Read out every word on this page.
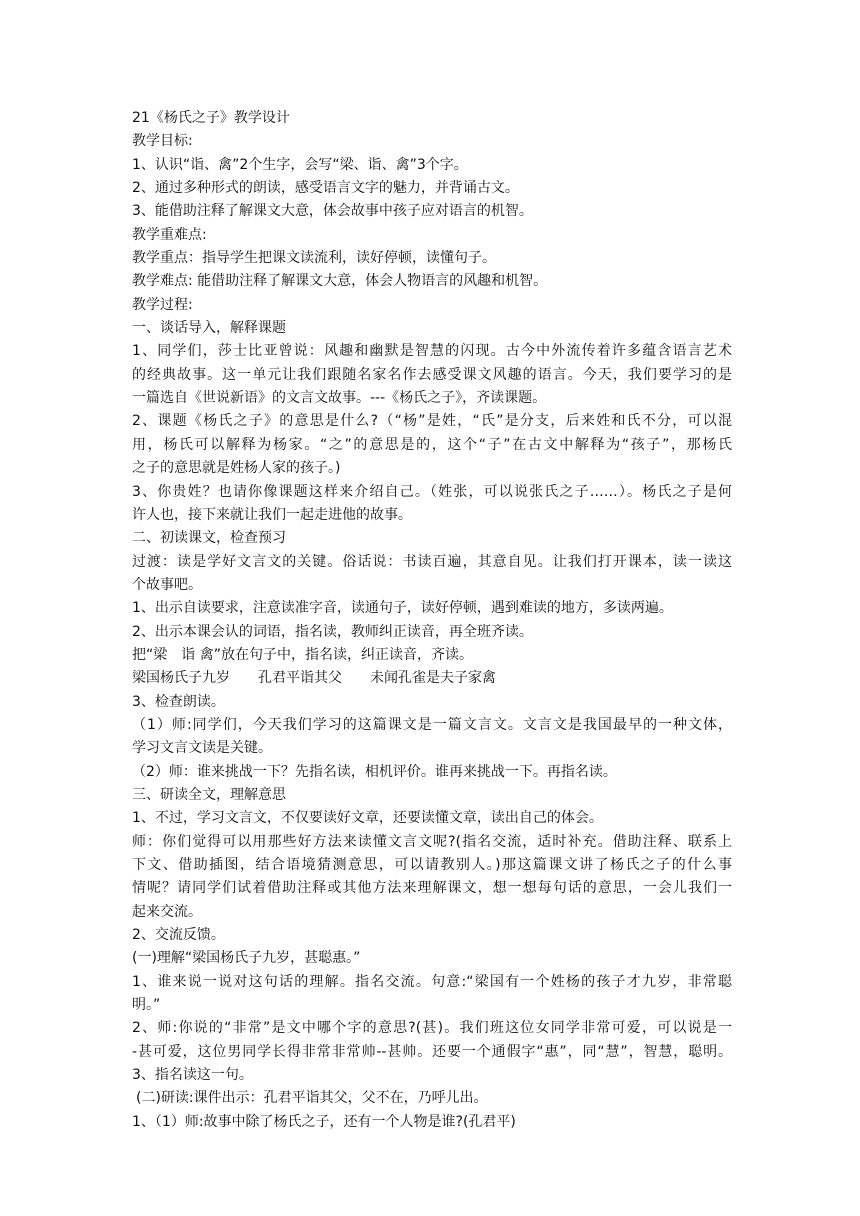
21《杨氏之子》教学设计
教学目标:
1、认识“诣、禽”2个生字，会写“梁、诣、禽”3个字。
2、通过多种形式的朗读，感受语言文字的魅力，并背诵古文。
3、能借助注释了解课文大意，体会故事中孩子应对语言的机智。
教学重难点:
教学重点：指导学生把课文读流利，读好停顿，读懂句子。
教学难点: 能借助注释了解课文大意，体会人物语言的风趣和机智。
教学过程:
一、谈话导入，解释课题
1、同学们，莎士比亚曾说：风趣和幽默是智慧的闪现。古今中外流传着许多蕴含语言艺术
的经典故事。这一单元让我们跟随名家名作去感受课文风趣的语言。今天，我们要学习的是
一篇选自《世说新语》的文言文故事。---《杨氏之子》，齐读课题。
2、课题《杨氏之子》的意思是什么?（“杨”是姓，“氏”是分支，后来姓和氏不分，可以混
用，杨氏可以解释为杨家。“之”的意思是的，这个“子”在古文中解释为“孩子”，那杨氏
之子的意思就是姓杨人家的孩子。)
3、你贵姓？也请你像课题这样来介绍自己。（姓张，可以说张氏之子……）。杨氏之子是何
许人也，接下来就让我们一起走进他的故事。
二、初读课文，检查预习
过渡：读是学好文言文的关键。俗话说：书读百遍，其意自见。让我们打开课本，读一读这
个故事吧。
1、出示自读要求，注意读准字音，读通句子，读好停顿，遇到难读的地方，多读两遍。
2、出示本课会认的词语，指名读，教师纠正读音，再全班齐读。
把“梁　诣 禽”放在句子中，指名读，纠正读音，齐读。
梁国杨氏子九岁　　孔君平诣其父　　未闻孔雀是夫子家禽
3、检查朗读。
（1）师:同学们，今天我们学习的这篇课文是一篇文言文。文言文是我国最早的一种文体，
学习文言文读是关键。
（2）师：谁来挑战一下？先指名读，相机评价。谁再来挑战一下。再指名读。
三、研读全文，理解意思
1、不过，学习文言文，不仅要读好文章，还要读懂文章，读出自己的体会。
师：你们觉得可以用那些好方法来读懂文言文呢?(指名交流，适时补充。借助注释、联系上
下文、借助插图，结合语境猜测意思，可以请教别人。)那这篇课文讲了杨氏之子的什么事
情呢？请同学们试着借助注释或其他方法来理解课文，想一想每句话的意思，一会儿我们一
起来交流。
2、交流反馈。
(一)理解“梁国杨氏子九岁，甚聪惠。”
1、谁来说一说对这句话的理解。指名交流。句意:“梁国有一个姓杨的孩子才九岁，非常聪
明。”
2、师:你说的“非常”是文中哪个字的意思?(甚)。我们班这位女同学非常可爱，可以说是一
-甚可爱，这位男同学长得非常非常帅--甚帅。还要一个通假字“惠”，同“慧”，智慧，聪明。
3、指名读这一句。
(二)研读:课件出示：孔君平诣其父，父不在，乃呼儿出。
1、（1）师:故事中除了杨氏之子，还有一个人物是谁?(孔君平)
